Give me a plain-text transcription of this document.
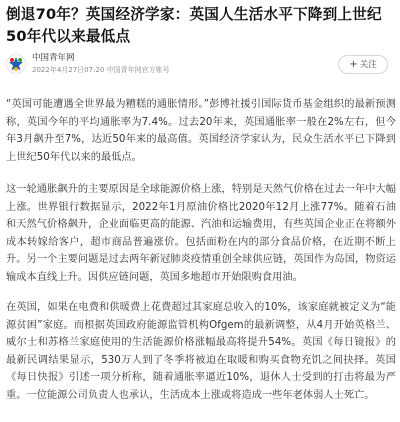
倒退70年？英国经济学家：英国人生活水平下降到上世纪50年代以来最低点
中国青年网
2022年4月27日07:20 中国青年网官方账号	+ 关注

“英国可能遭遇全世界最为糟糕的通胀情形。”彭博社援引国际货币基金组织的最新预测称，英国今年的平均通胀率为7.4%。过去20年来，英国通胀率一般在2%左右，但今年3月飙升至7%，达近50年来的最高值。英国经济学家认为，民众生活水平已下降到上世纪50年代以来的最低点。

这一轮通胀飙升的主要原因是全球能源价格上涨，特别是天然气价格在过去一年中大幅上涨。世界银行数据显示，2022年1月原油价格比2020年12月上涨77%。随着石油和天然气价格飙升，企业面临更高的能源、汽油和运输费用，有些英国企业正在将额外成本转嫁给客户，超市商品普遍涨价。包括面粉在内的部分食品价格，在近期不断上升。另一个主要问题是过去两年新冠肺炎疫情重创全球供应链，英国作为岛国，物资运输成本直线上升。因供应链问题，英国多地超市开始限购食用油。

在英国，如果在电费和供暖费上花费超过其家庭总收入的10%，该家庭就被定义为“能源贫困”家庭。而根据英国政府能源监管机构Ofgem的最新调整，从4月开始英格兰、威尔士和苏格兰家庭使用的生活能源价格涨幅最高将提升54%。英国《每日镜报》的最新民调结果显示，530万人到了冬季将被迫在取暖和购买食物充饥之间抉择。英国《每日快报》引述一项分析称，随着通胀率逼近10%，退休人士受到的打击将最为严重。一位能源公司负责人也承认，生活成本上涨或将造成一些年老体弱人士死亡。
